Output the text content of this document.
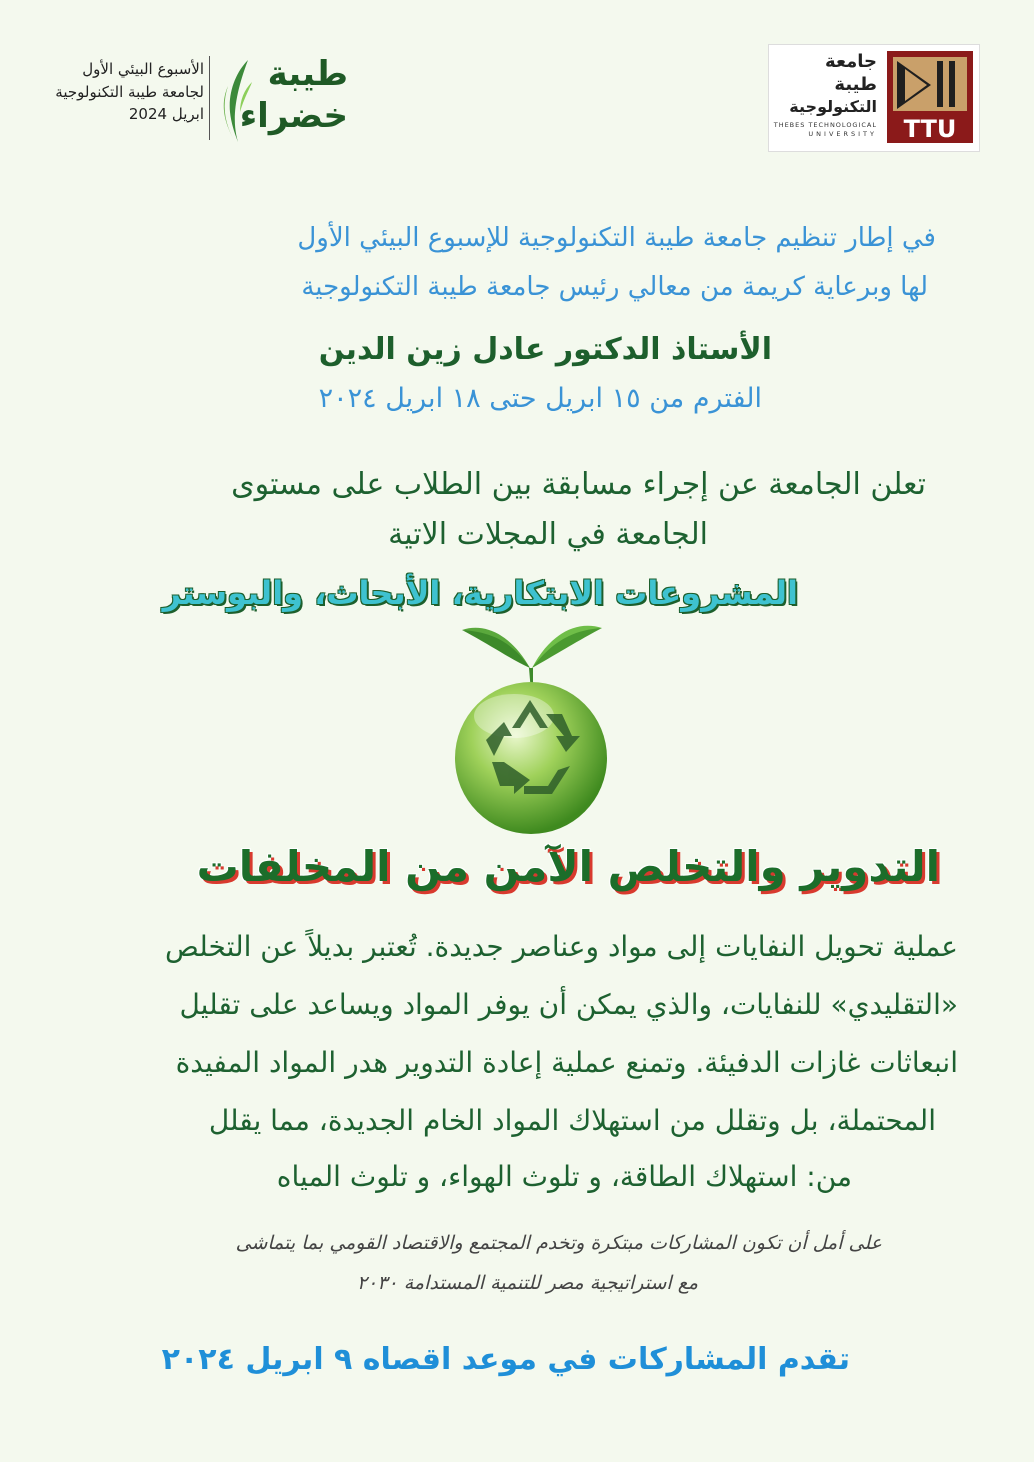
الأسبوع البيئي الأول
لجامعة طيبة التكنولوجية
ابريل 2024
طيبة
خضراء
جامعة
طيبة
التكنولوجية
THEBES TECHNOLOGICAL
UNIVERSITY TTU
في إطار تنظيم جامعة طيبة التكنولوجية للإسبوع البيئي الأول
لها وبرعاية كريمة من معالي رئيس جامعة طيبة التكنولوجية
الأستاذ الدكتور عادل زين الدين
الفترم من ١٥ ابريل حتى ١٨ ابريل ٢٠٢٤
تعلن الجامعة عن إجراء مسابقة بين الطلاب على مستوى
الجامعة في المجلات الاتية
المشروعات الابتكارية، الأبحاث، والبوستر
التدوير والتخلص الآمن من المخلفات
عملية تحويل النفايات إلى مواد وعناصر جديدة. تُعتبر بديلاً عن التخلص
«التقليدي» للنفايات، والذي يمكن أن يوفر المواد ويساعد على تقليل
انبعاثات غازات الدفيئة. وتمنع عملية إعادة التدوير هدر المواد المفيدة
المحتملة، بل وتقلل من استهلاك المواد الخام الجديدة، مما يقلل
من: استهلاك الطاقة، و تلوث الهواء، و تلوث المياه
على أمل أن تكون المشاركات مبتكرة وتخدم المجتمع والاقتصاد القومي بما يتماشى
مع استراتيجية مصر للتنمية المستدامة ٢٠٣٠
تقدم المشاركات في موعد اقصاه ٩ ابريل ٢٠٢٤
